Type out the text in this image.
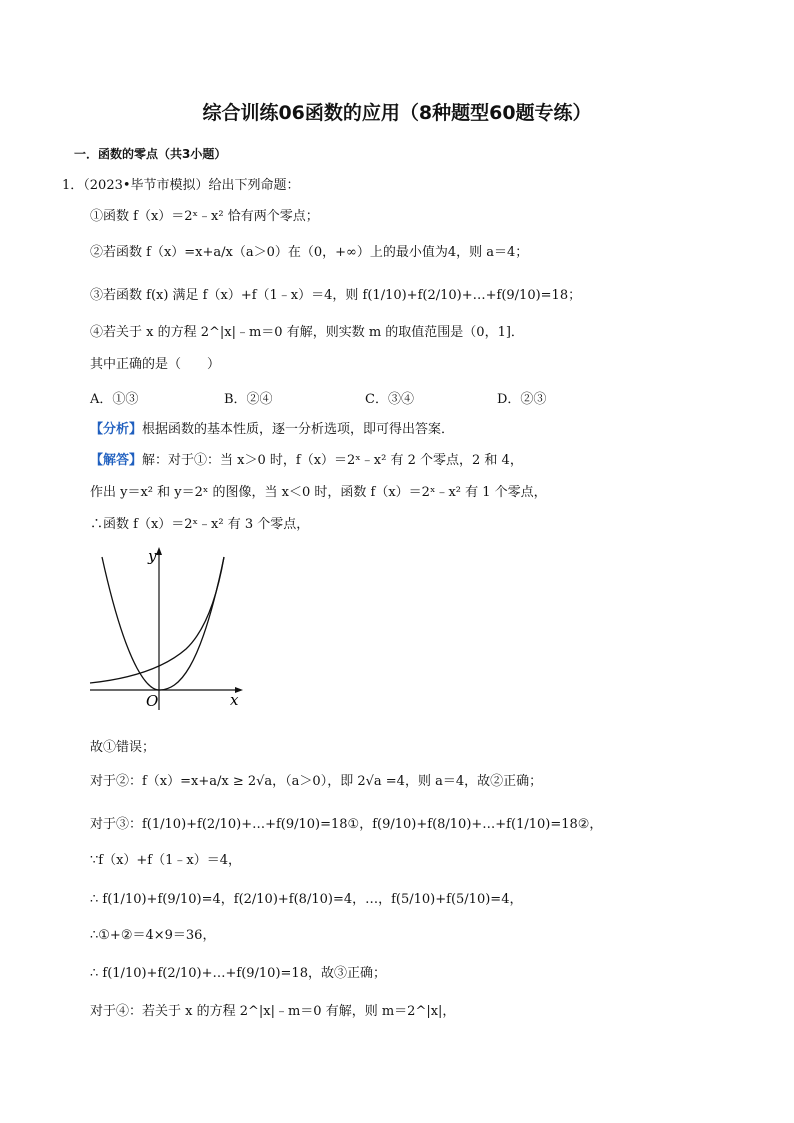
综合训练06函数的应用（8种题型60题专练）
一．函数的零点（共3小题）
1．（2023•毕节市模拟）给出下列命题：
①函数 f（x）＝2ˣ﹣x² 恰有两个零点；
②若函数 f（x）=x+a/x（a＞0）在（0，+∞）上的最小值为4，则 a＝4；
③若函数 f(x) 满足 f（x）+f（1﹣x）＝4，则 f(1/10)+f(2/10)+…+f(9/10)=18；
④若关于 x 的方程 2^|x|﹣m＝0 有解，则实数 m 的取值范围是（0，1]．
其中正确的是（　　）
A．①③	B．②④	C．③④	D．②③
【分析】根据函数的基本性质，逐一分析选项，即可得出答案．
【解答】解：对于①：当 x＞0 时，f（x）＝2ˣ﹣x² 有 2 个零点，2 和 4，
作出 y＝x² 和 y＝2ˣ 的图像，当 x＜0 时，函数 f（x）＝2ˣ﹣x² 有 1 个零点，
∴函数 f（x）＝2ˣ﹣x² 有 3 个零点，
y
x
O
故①错误；
对于②：f（x）=x+a/x ≥ 2√a，（a＞0），即 2√a =4，则 a＝4，故②正确；
对于③：f(1/10)+f(2/10)+…+f(9/10)=18①，f(9/10)+f(8/10)+…+f(1/10)=18②，
∵f（x）+f（1﹣x）＝4，
∴ f(1/10)+f(9/10)=4，f(2/10)+f(8/10)=4，…，f(5/10)+f(5/10)=4，
∴①+②＝4×9＝36，
∴ f(1/10)+f(2/10)+…+f(9/10)=18，故③正确；
对于④：若关于 x 的方程 2^|x|﹣m＝0 有解，则 m＝2^|x|，
